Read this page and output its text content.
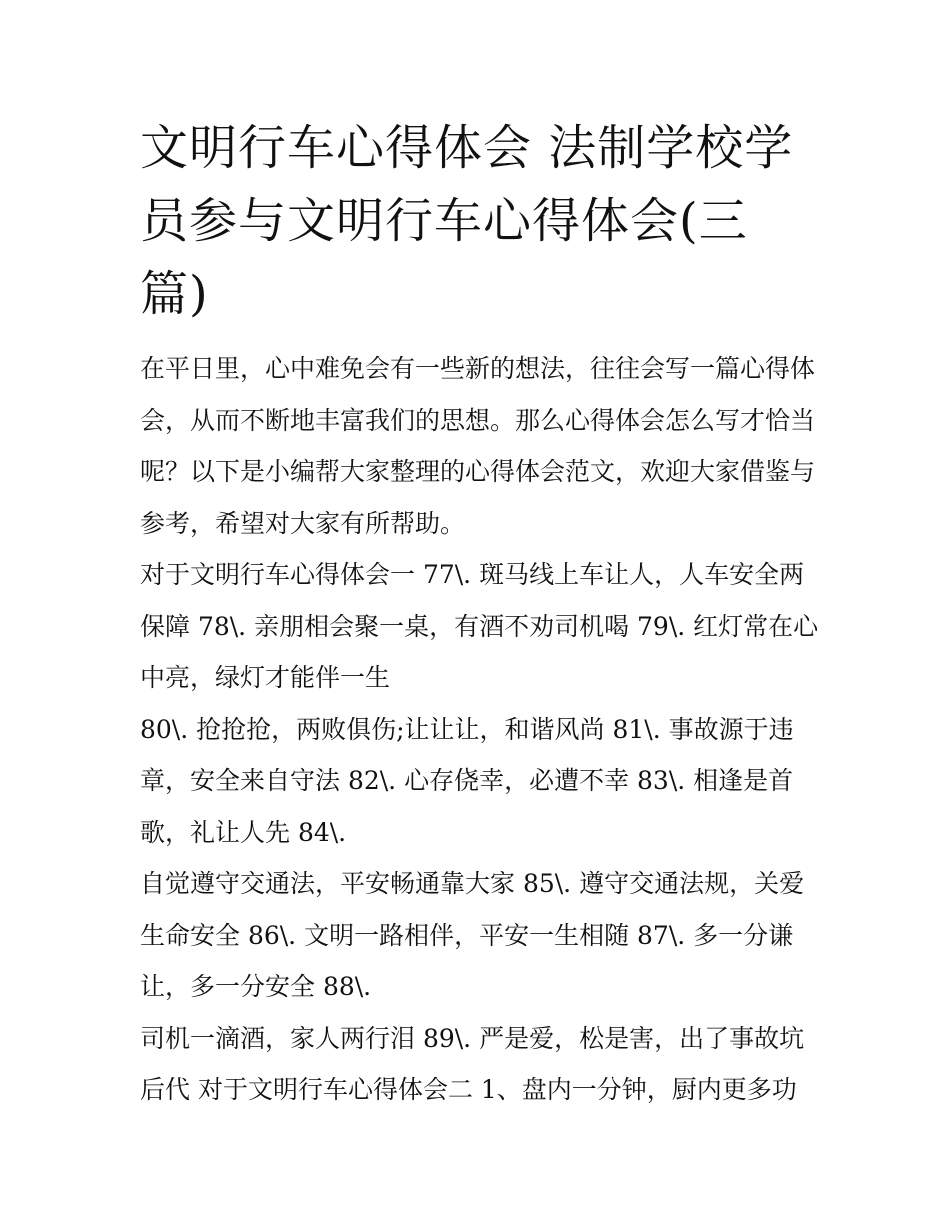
文明行车心得体会 法制学校学
员参与文明行车心得体会(三
篇)
在平日里，心中难免会有一些新的想法，往往会写一篇心得体
会，从而不断地丰富我们的思想。那么心得体会怎么写才恰当
呢？以下是小编帮大家整理的心得体会范文，欢迎大家借鉴与
参考，希望对大家有所帮助。
对于文明行车心得体会一 77\. 斑马线上车让人，人车安全两
保障 78\. 亲朋相会聚一桌，有酒不劝司机喝 79\. 红灯常在心
中亮，绿灯才能伴一生
80\. 抢抢抢，两败俱伤;让让让，和谐风尚 81\. 事故源于违
章，安全来自守法 82\. 心存侥幸，必遭不幸 83\. 相逢是首
歌，礼让人先 84\.
自觉遵守交通法，平安畅通靠大家 85\. 遵守交通法规，关爱
生命安全 86\. 文明一路相伴，平安一生相随 87\. 多一分谦
让，多一分安全 88\.
司机一滴酒，家人两行泪 89\. 严是爱，松是害，出了事故坑
后代 对于文明行车心得体会二 1、盘内一分钟，厨内更多功
